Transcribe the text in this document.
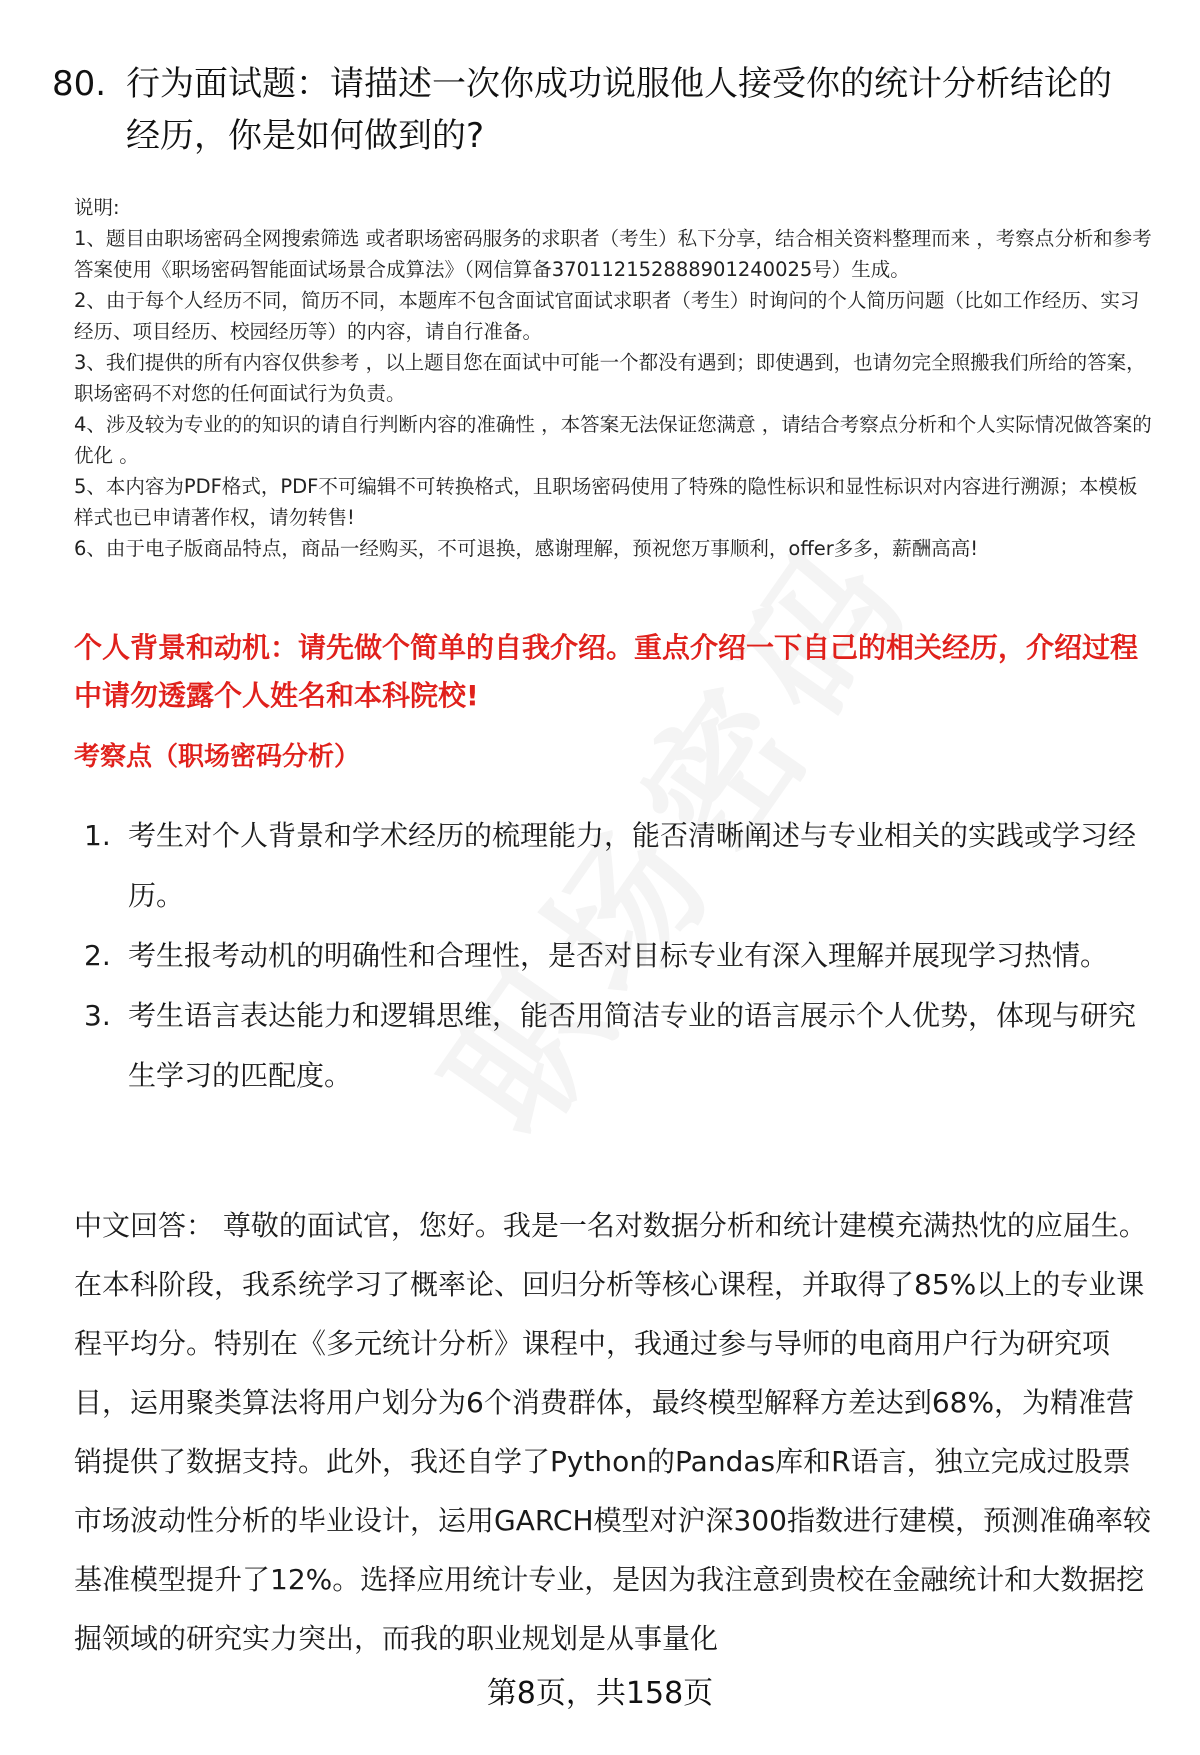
80. 行为面试题：请描述一次你成功说服他人接受你的统计分析结论的经历，你是如何做到的?

说明:

1、题目由职场密码全网搜索筛选 或者职场密码服务的求职者（考生）私下分享，结合相关资料整理而来 ，考察点分析和参考答案使用《职场密码智能面试场景合成算法》（网信算备370112152888901240025号）生成。

2、由于每个人经历不同，简历不同，本题库不包含面试官面试求职者（考生）时询问的个人简历问题（比如工作经历、实习经历、项目经历、校园经历等）的内容，请自行准备。

3、我们提供的所有内容仅供参考 ，以上题目您在面试中可能一个都没有遇到；即使遇到，也请勿完全照搬我们所给的答案，职场密码不对您的任何面试行为负责。

4、涉及较为专业的的知识的请自行判断内容的准确性 ，本答案无法保证您满意 ，请结合考察点分析和个人实际情况做答案的优化 。

5、本内容为PDF格式，PDF不可编辑不可转换格式，且职场密码使用了特殊的隐性标识和显性标识对内容进行溯源；本模板样式也已申请著作权，请勿转售!

6、由于电子版商品特点，商品一经购买，不可退换，感谢理解，预祝您万事顺利，offer多多，薪酬高高!

个人背景和动机：请先做个简单的自我介绍。重点介绍一下自己的相关经历，介绍过程中请勿透露个人姓名和本科院校!
考察点（职场密码分析）
1. 考生对个人背景和学术经历的梳理能力，能否清晰阐述与专业相关的实践或学习经历。
2. 考生报考动机的明确性和合理性，是否对目标专业有深入理解并展现学习热情。
3. 考生语言表达能力和逻辑思维，能否用简洁专业的语言展示个人优势，体现与研究生学习的匹配度。

中文回答： 尊敬的面试官，您好。我是一名对数据分析和统计建模充满热忱的应届生。在本科阶段，我系统学习了概率论、回归分析等核心课程，并取得了85%以上的专业课程平均分。特别在《多元统计分析》课程中，我通过参与导师的电商用户行为研究项目，运用聚类算法将用户划分为6个消费群体，最终模型解释方差达到68%，为精准营销提供了数据支持。此外，我还自学了Python的Pandas库和R语言，独立完成过股票市场波动性分析的毕业设计，运用GARCH模型对沪深300指数进行建模，预测准确率较基准模型提升了12%。选择应用统计专业，是因为我注意到贵校在金融统计和大数据挖掘领域的研究实力突出，而我的职业规划是从事量化

第8页，共158页
